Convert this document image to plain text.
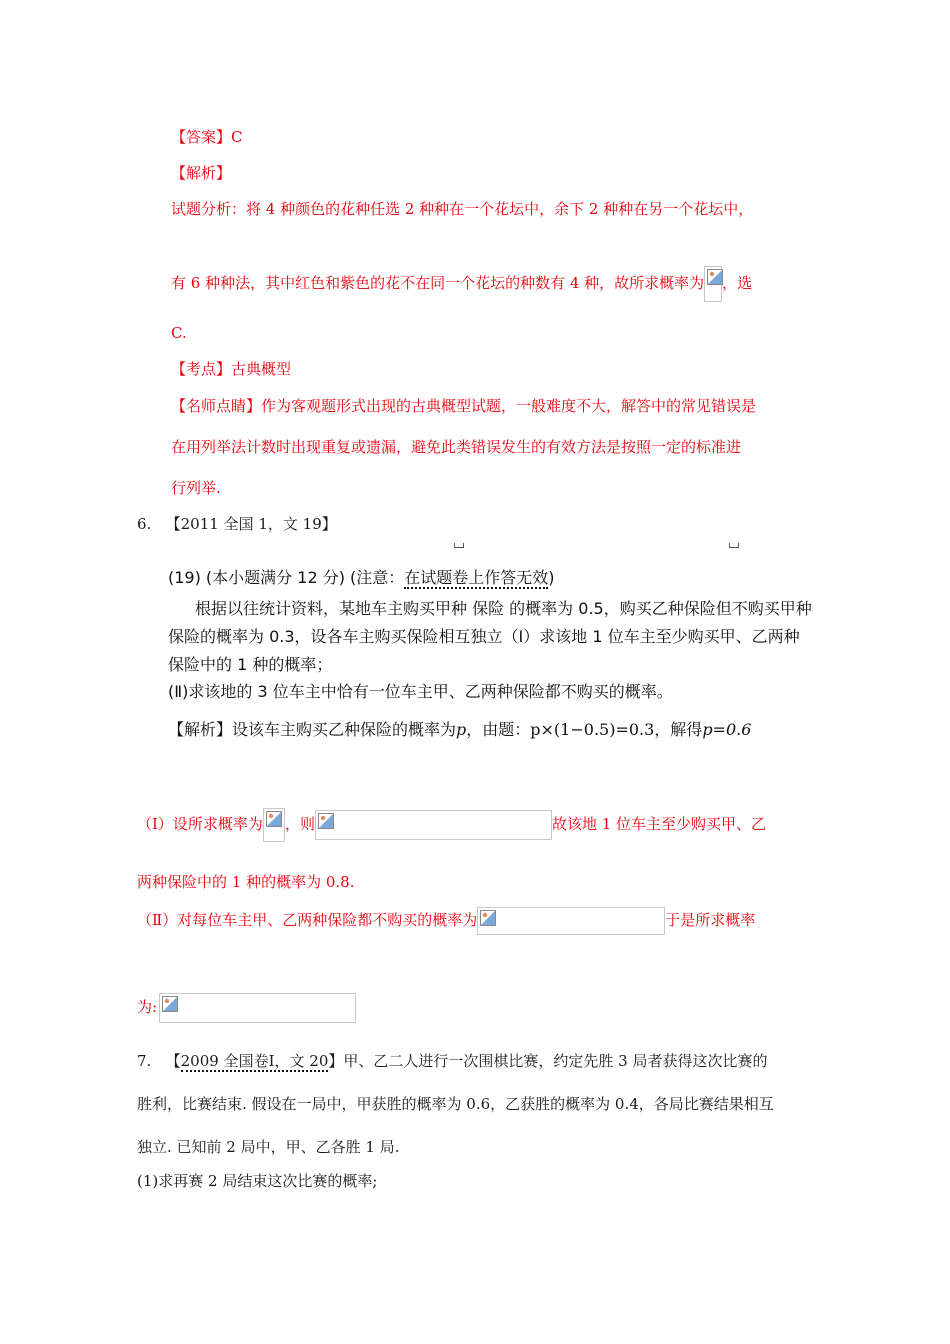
【答案】C
【解析】
试题分析：将 4 种颜色的花种任选 2 种种在一个花坛中，余下 2 种种在另一个花坛中，
有 6 种种法，其中红色和紫色的花不在同一个花坛的种数有 4 种，故所求概率为 ，选
C.
【考点】古典概型
【名师点睛】作为客观题形式出现的古典概型试题，一般难度不大，解答中的常见错误是
在用列举法计数时出现重复或遗漏，避免此类错误发生的有效方法是按照一定的标准进
行列举.
6. 【2011 全国 1，文 19】
(19) (本小题满分 12 分) (注意：在试题卷上作答无效)
根据以往统计资料，某地车主购买甲种 保险 的概率为 0.5，购买乙种保险但不购买甲种
保险的概率为 0.3，设各车主购买保险相互独立（Ⅰ）求该地 1 位车主至少购买甲、乙两种
保险中的 1 种的概率；
(Ⅱ)求该地的 3 位车主中恰有一位车主甲、乙两种保险都不购买的概率。
【解析】设该车主购买乙种保险的概率为p，由题：p×(1−0.5)=0.3，解得p=0.6
（Ⅰ）设所求概率为 ，则	故该地 1 位车主至少购买甲、乙
两种保险中的 1 种的概率为 0.8.
（Ⅱ）对每位车主甲、乙两种保险都不购买的概率为	于是所求概率
为:
7. 【2009 全国卷Ⅰ，文 20】甲、乙二人进行一次围棋比赛，约定先胜 3 局者获得这次比赛的
胜利，比赛结束. 假设在一局中，甲获胜的概率为 0.6，乙获胜的概率为 0.4，各局比赛结果相互
独立. 已知前 2 局中，甲、乙各胜 1 局.
(1)求再赛 2 局结束这次比赛的概率;
